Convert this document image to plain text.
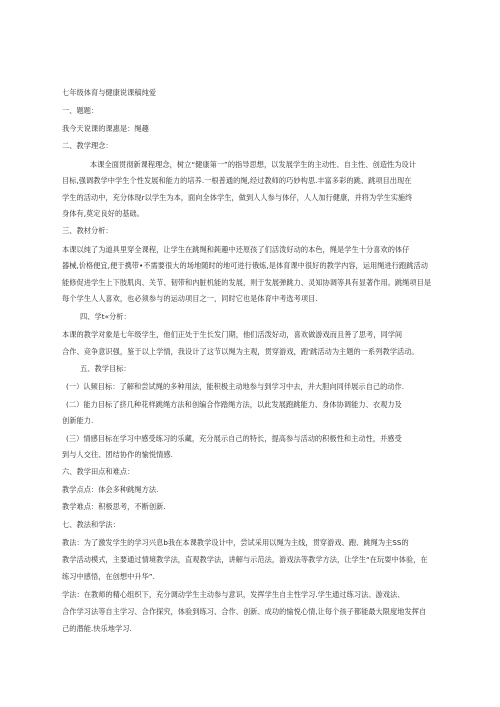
七年级体育与健康说课稿纯爱
一、题题：
我今天说课的课惠是：绳趣
二、教学理念：
本课全面贯彻新课程理念，树立“健康第一”的指导思想，以发展学生的主动性、自主性、创造性为设计
目标,强调教学中学生个性发展和能力的培养.一根普通的绳,经过教师的巧妙构思.丰富多彩的跳、跳项目出现在
学生的活动中，充分体现r以学生为本，面向全体学生，做到人人参与体仔，人人加行健康，并将为学生实施终
身体有,莫定良好的基础。
三、教材分析：
本课以纯了为道具里穿全课程，让学生在跳绳和鈍趣中还原孩了们活泼好动的本色，绳是学生十分喜欢的体仔
器械,价格便宜,便于携带•不需要很大的场地随时的地可进行俄炼,是体育课中很好的教学内容，运用绳进行跑跳活动
能修促进学生上下肢肌肉、关节、韧带和内脏机能的发展，则于发展弹跳力、灵知协调等具有显著作用。跳绳项目是
每个学生人人喜欢，也必须参与的运动项目之一，同时它也是体育中考选考项目.
四、学t«分析：
本课的教学对象是七年级学生，他们正处于生长发门期，他们活泼好动，喜欢做游戏而且善了思考，同学间
合作、竞争意识强，鉴于以上学情，我设计了这节以绳为主观，贯穿游戏，跑'跳活动为主题的一系列教学活动。
五、教学目标：
(一）认频目标：了解和尝试绳的多种用法，能积极主动地参与到学习中去，并大胆向同伴展示自己的动作.
(二）能力目标了挤几种花样跳绳方法和创编合作踏绳方法，以此发展跑跳能力、身体协调能力、衣观力及
创新能力.
(三）情感目标在学习中感受练习的乐藏，充分展示自己的特长，提高参与活动的积极性和主动性，并感受
到与人交往、团结协作的愉悦情感.
六、教学田点和难点：
教学点点：体会多种跳绳方法.
教学难点：积极思考，不断创新.
七、教法和学法：
教法：为了激发学生的学习兴息b我在本课教学设计中，尝试采用以绳为主线，贯穿游戏、跑、跳绳为主SS的
教学活动模式，主要通过情境教学法，直观教学法，讲解与示范法，游戏法等教学方法，让学生“在玩耍中体验，在
练习中感悟，在创想中升华”.
学法：在教师的精心组织下，充分调动学生主动参与意识，发挥学生自主性学习.学生通过练习法、游戏法、
合作学习法等自主学习、合作探究，体验到练习、合作、创新、成功的愉悦心情,让每个孩子都能最大限度地发挥自
己的潜能.快乐地学习.
